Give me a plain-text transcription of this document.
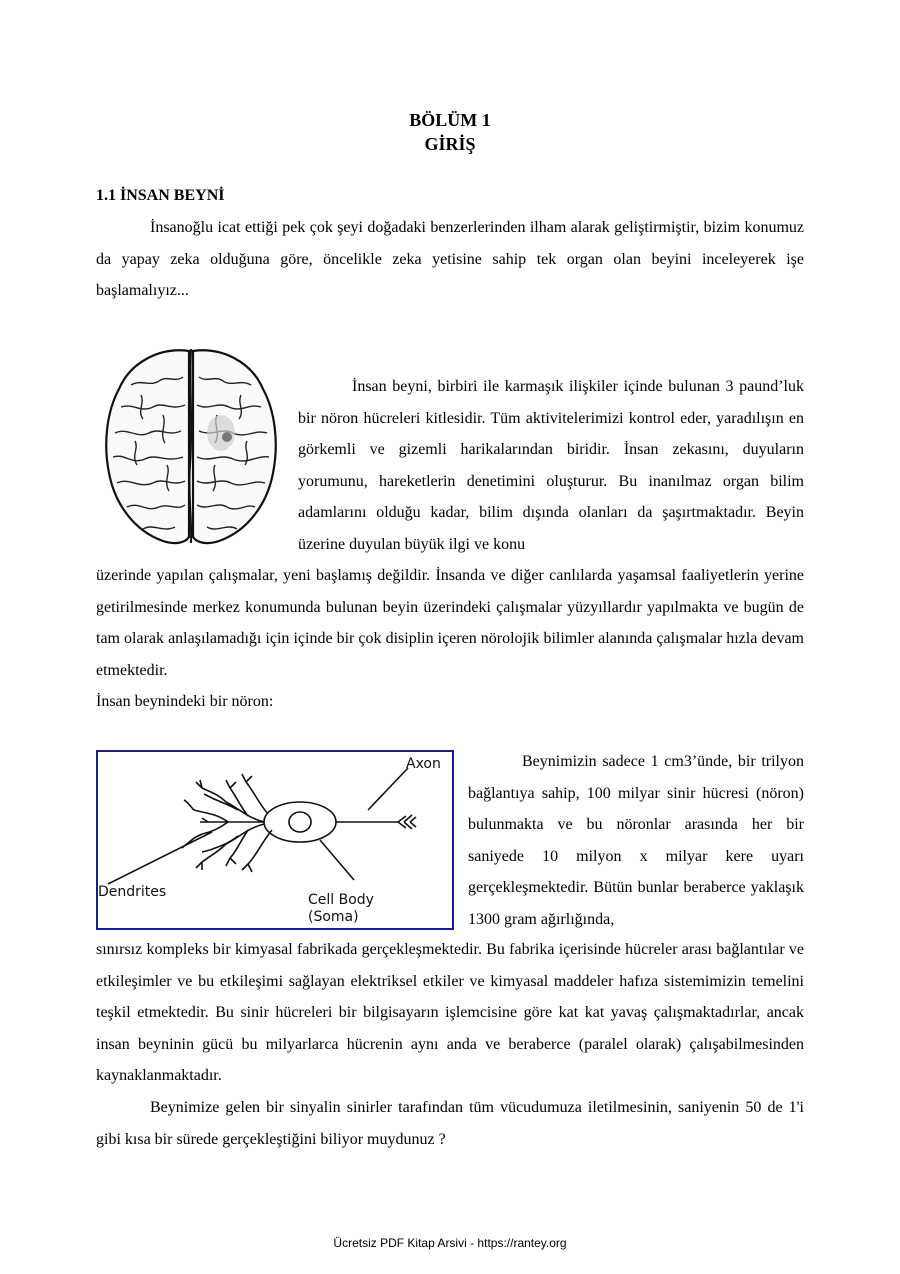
BÖLÜM 1
GİRİŞ
1.1 İNSAN BEYNİ

İnsanoğlu icat ettiği pek çok şeyi doğadaki benzerlerinden ilham alarak geliştirmiştir, bizim konumuz da yapay zeka olduğuna göre, öncelikle zeka yetisine sahip tek organ olan beyini inceleyerek işe başlamalıyız...

İnsan beyni, birbiri ile karmaşık ilişkiler içinde bulunan 3 paund’luk bir nöron hücreleri kitlesidir. Tüm aktivitelerimizi kontrol eder, yaradılışın en görkemli ve gizemli harikalarından biridir. İnsan zekasını, duyuların yorumunu, hareketlerin denetimini oluşturur. Bu inanılmaz organ bilim adamlarını olduğu kadar, bilim dışında olanları da şaşırtmaktadır. Beyin üzerine duyulan büyük ilgi ve konu

üzerinde yapılan çalışmalar, yeni başlamış değildir. İnsanda ve diğer canlılarda yaşamsal faaliyetlerin yerine getirilmesinde merkez konumunda bulunan beyin üzerindeki çalışmalar yüzyıllardır yapılmakta ve bugün de tam olarak anlaşılamadığı için içinde bir çok disiplin içeren nörolojik bilimler alanında çalışmalar hızla devam etmektedir.

İnsan beynindeki bir nöron:

Axon
Dendrites	Cell Body
(Soma)

Beynimizin sadece 1 cm3’ünde, bir trilyon bağlantıya sahip, 100 milyar sinir hücresi (nöron) bulunmakta ve bu nöronlar arasında her bir saniyede 10 milyon x milyar kere uyarı gerçekleşmektedir. Bütün bunlar beraberce yaklaşık 1300 gram ağırlığında,

sınırsız kompleks bir kimyasal fabrikada gerçekleşmektedir. Bu fabrika içerisinde hücreler arası bağlantılar ve etkileşimler ve bu etkileşimi sağlayan elektriksel etkiler ve kimyasal maddeler hafıza sistemimizin temelini teşkil etmektedir. Bu sinir hücreleri bir bilgisayarın işlemcisine göre kat kat yavaş çalışmaktadırlar, ancak insan beyninin gücü bu milyarlarca hücrenin aynı anda ve beraberce (paralel olarak) çalışabilmesinden kaynaklanmaktadır.

Beynimize gelen bir sinyalin sinirler tarafından tüm vücudumuza iletilmesinin, saniyenin 50 de 1'i gibi kısa bir sürede gerçekleştiğini biliyor muydunuz ?

Ücretsiz PDF Kitap Arsivi - https://rantey.org
